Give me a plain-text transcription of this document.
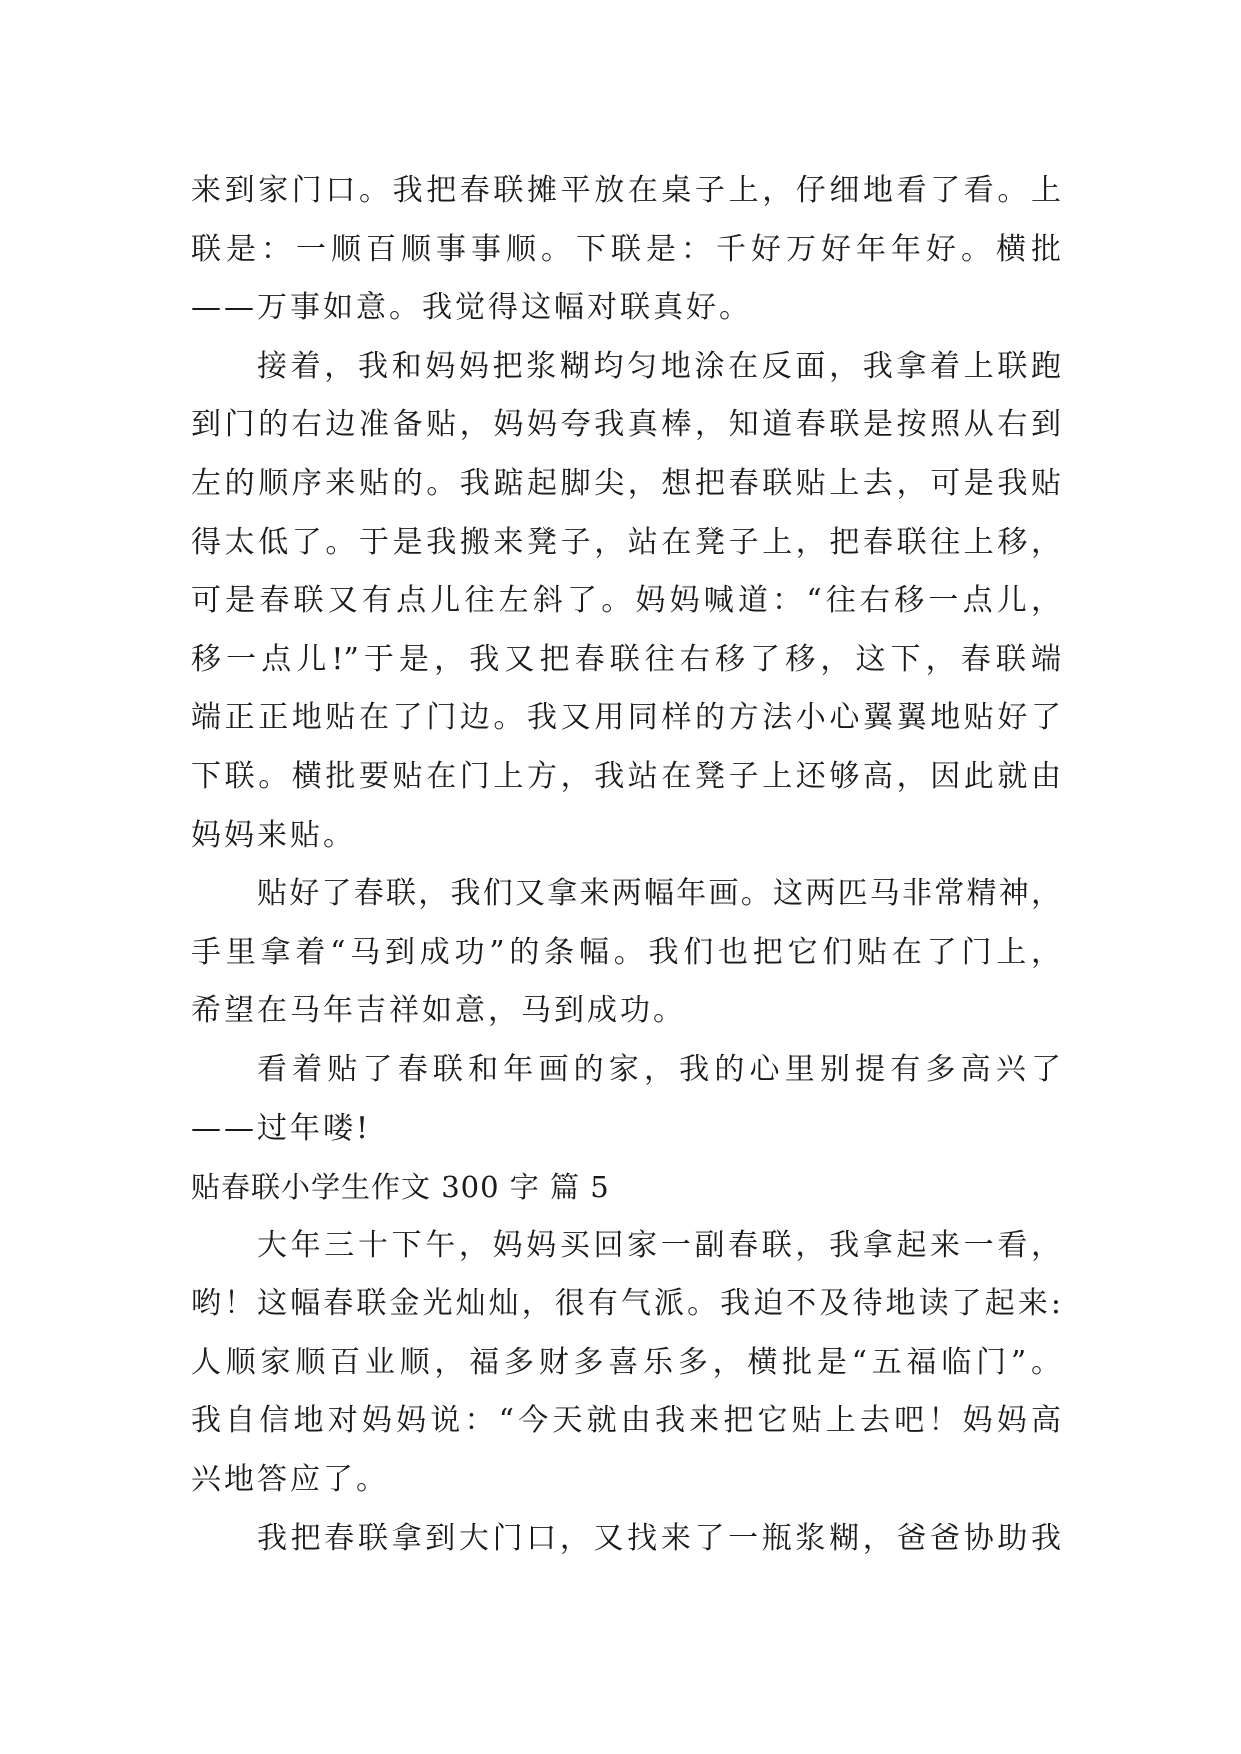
来到家门口。我把春联摊平放在桌子上，仔细地看了看。上
联是：一顺百顺事事顺。下联是：千好万好年年好。横批
——万事如意。我觉得这幅对联真好。
接着，我和妈妈把浆糊均匀地涂在反面，我拿着上联跑
到门的右边准备贴，妈妈夸我真棒，知道春联是按照从右到
左的顺序来贴的。我踮起脚尖，想把春联贴上去，可是我贴
得太低了。于是我搬来凳子，站在凳子上，把春联往上移，
可是春联又有点儿往左斜了。妈妈喊道：“往右移一点儿，
移一点儿!”于是，我又把春联往右移了移，这下，春联端
端正正地贴在了门边。我又用同样的方法小心翼翼地贴好了
下联。横批要贴在门上方，我站在凳子上还够高，因此就由
妈妈来贴。
贴好了春联，我们又拿来两幅年画。这两匹马非常精神，
手里拿着“马到成功”的条幅。我们也把它们贴在了门上，
希望在马年吉祥如意，马到成功。
看着贴了春联和年画的家，我的心里别提有多高兴了
——过年喽!
贴春联小学生作文 300 字 篇 5
大年三十下午，妈妈买回家一副春联，我拿起来一看，
哟！这幅春联金光灿灿，很有气派。我迫不及待地读了起来:
人顺家顺百业顺，福多财多喜乐多，横批是“五福临门”。
我自信地对妈妈说：“今天就由我来把它贴上去吧！妈妈高
兴地答应了。
我把春联拿到大门口，又找来了一瓶浆糊，爸爸协助我
